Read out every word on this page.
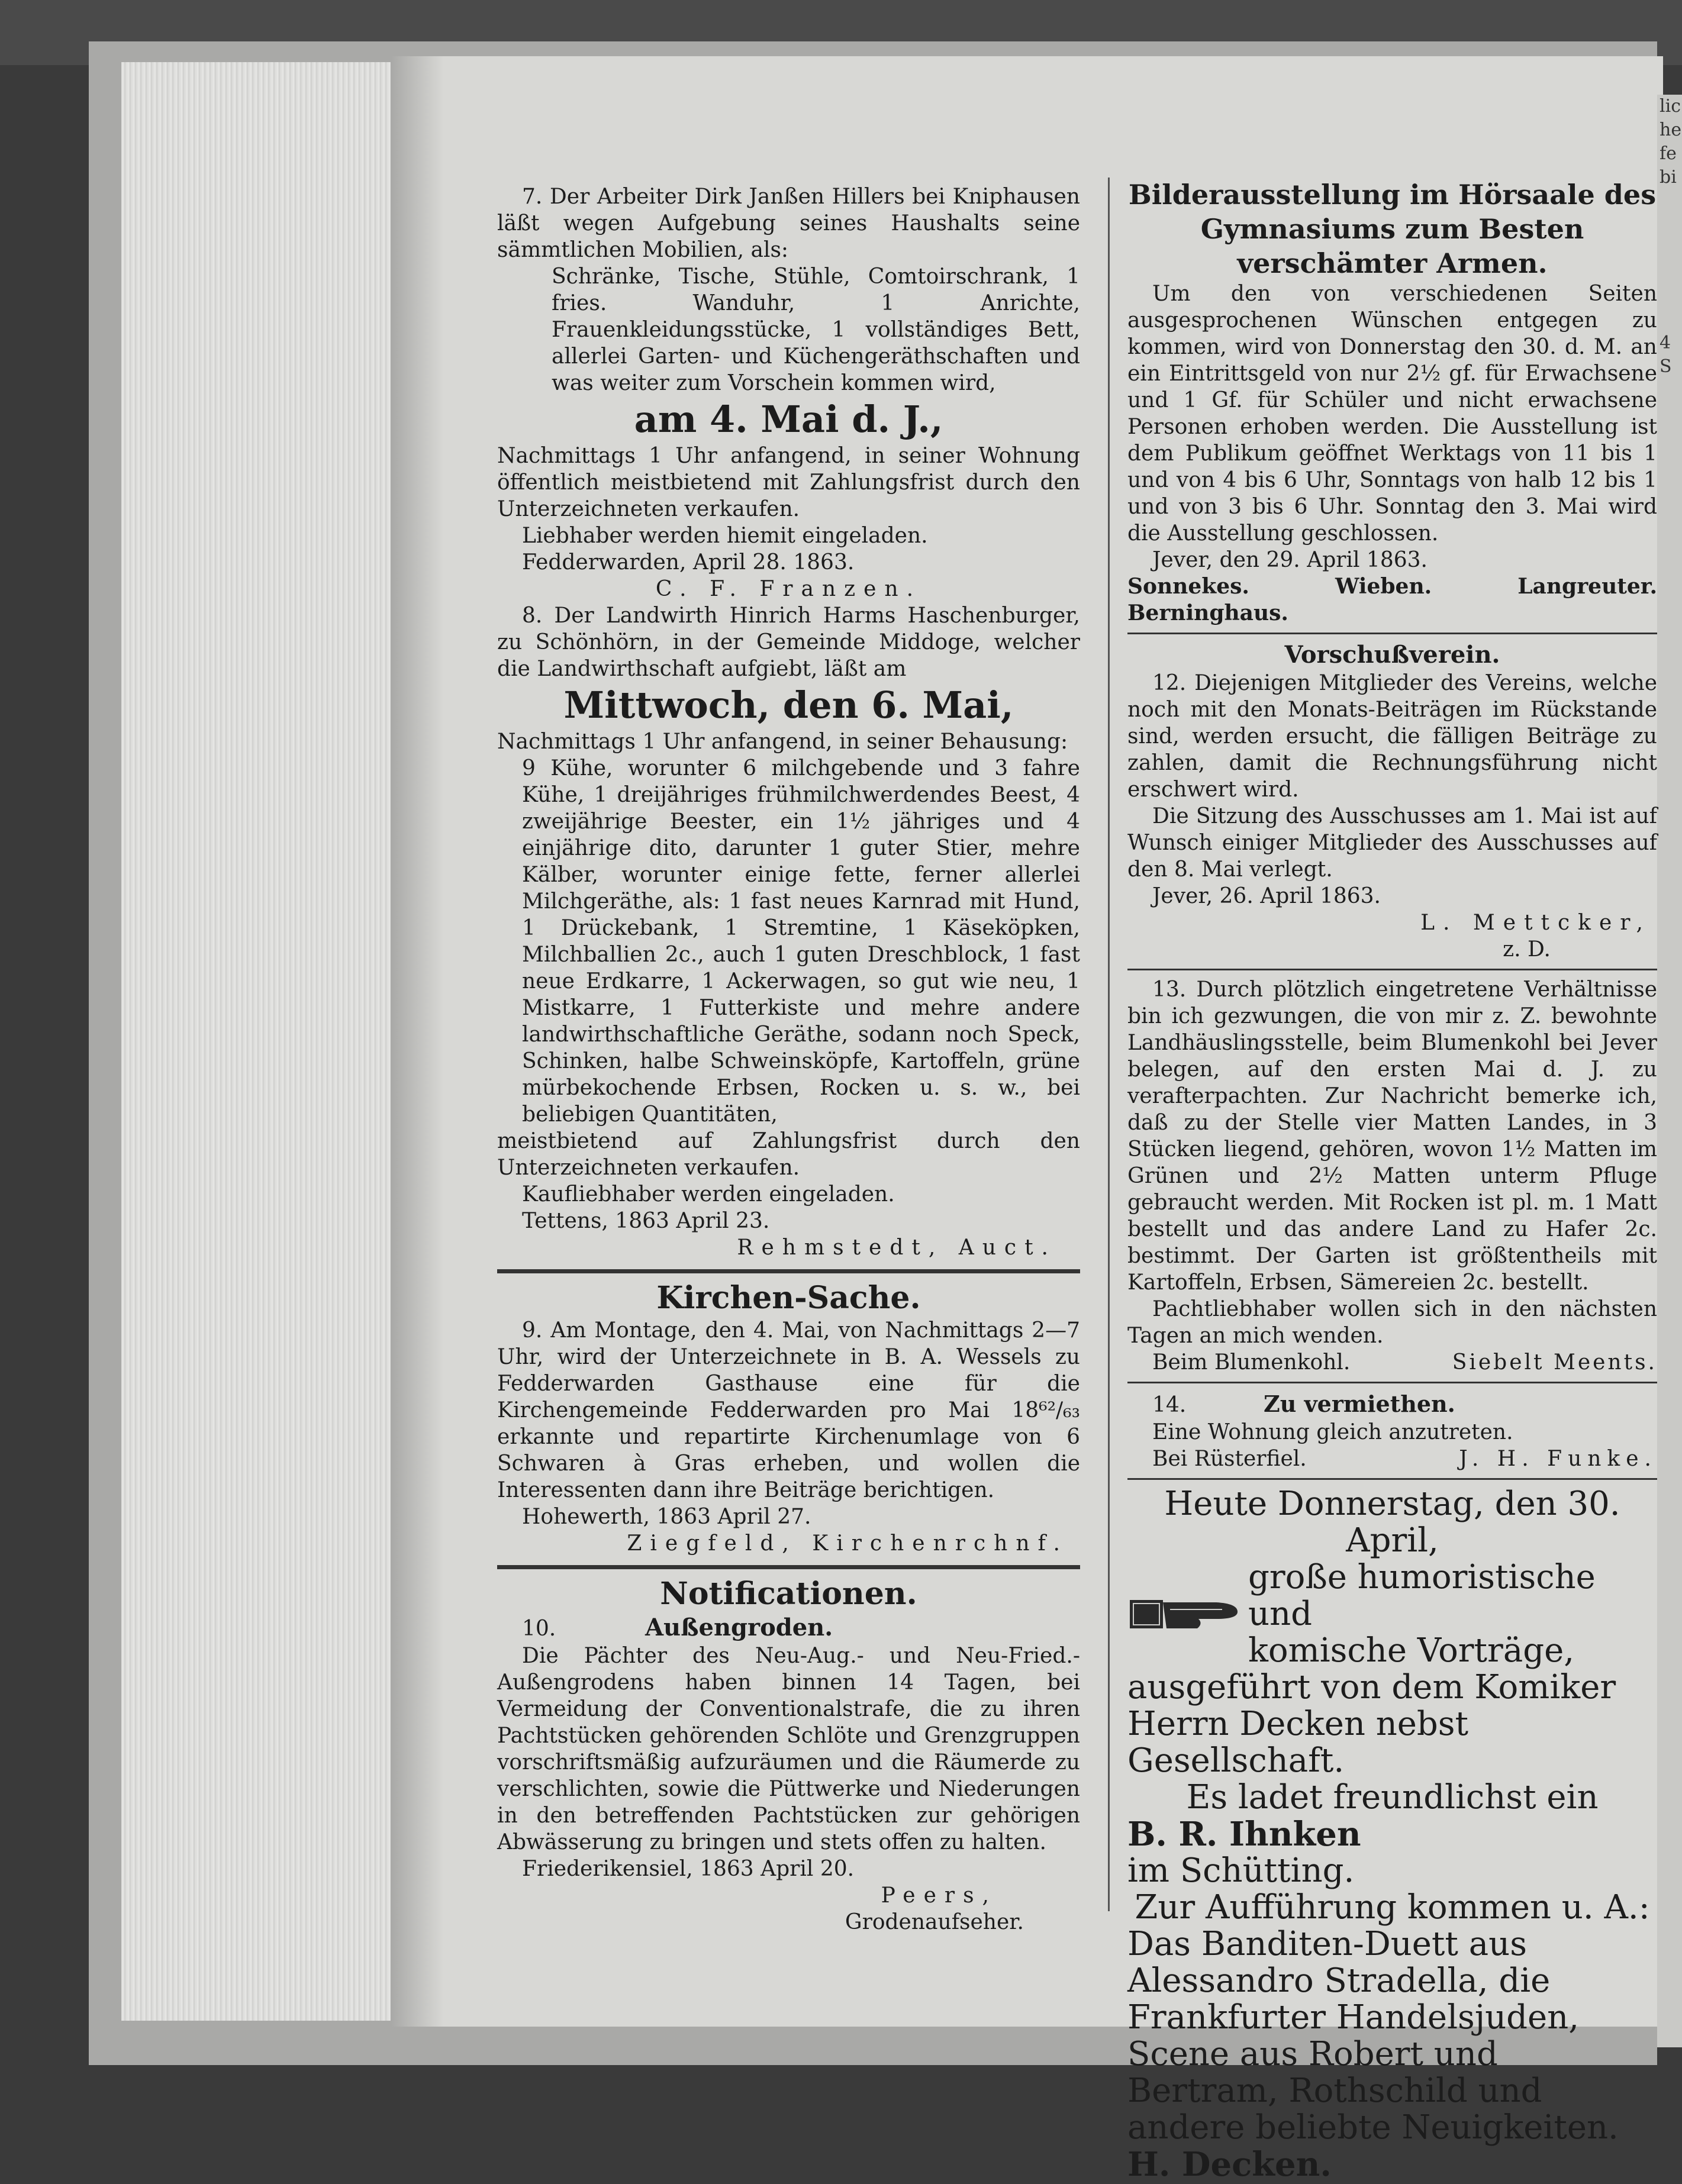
lic
he
fe
bi
4
S

7. Der Arbeiter Dirk Janßen Hillers bei Kniphausen läßt wegen Aufgebung seines Haushalts seine sämmtlichen Mobilien, als:

Schränke, Tische, Stühle, Comtoirschrank, 1 fries. Wanduhr, 1 Anrichte, Frauenkleidungsstücke, 1 vollständiges Bett, allerlei Garten- und Küchengeräthschaften und was weiter zum Vorschein kommen wird,

am 4. Mai d. J.,

Nachmittags 1 Uhr anfangend, in seiner Wohnung öffentlich meistbietend mit Zahlungsfrist durch den Unterzeichneten verkaufen.

Liebhaber werden hiemit eingeladen.

Fedderwarden, April 28. 1863.

C. F. Franzen.

8. Der Landwirth Hinrich Harms Haschenburger, zu Schönhörn, in der Gemeinde Middoge, welcher die Landwirthschaft aufgiebt, läßt am

Mittwoch, den 6. Mai,

Nachmittags 1 Uhr anfangend, in seiner Behausung:

9 Kühe, worunter 6 milchgebende und 3 fahre Kühe, 1 dreijähriges frühmilchwerdendes Beest, 4 zweijährige Beester, ein 1½ jähriges und 4 einjährige dito, darunter 1 guter Stier, mehre Kälber, worunter einige fette, ferner allerlei Milchgeräthe, als: 1 fast neues Karnrad mit Hund, 1 Drückebank, 1 Stremtine, 1 Käseköpken, Milchballien 2c., auch 1 guten Dreschblock, 1 fast neue Erdkarre, 1 Ackerwagen, so gut wie neu, 1 Mistkarre, 1 Futterkiste und mehre andere landwirthschaftliche Geräthe, sodann noch Speck, Schinken, halbe Schweinsköpfe, Kartoffeln, grüne mürbekochende Erbsen, Rocken u. s. w., bei beliebigen Quantitäten,

meistbietend auf Zahlungsfrist durch den Unterzeichneten verkaufen.

Kaufliebhaber werden eingeladen.

Tettens, 1863 April 23.

Rehmstedt, Auct.

Kirchen-Sache.

9. Am Montage, den 4. Mai, von Nachmittags 2—7 Uhr, wird der Unterzeichnete in B. A. Wessels zu Fedderwarden Gasthause eine für die Kirchengemeinde Fedderwarden pro Mai 18⁶²/₆₃ erkannte und repartirte Kirchenumlage von 6 Schwaren à Gras erheben, und wollen die Interessenten dann ihre Beiträge berichtigen.

Hohewerth, 1863 April 27.

Ziegfeld, Kirchenrchnf.

Notificationen.

10.	Außengroden.

Die Pächter des Neu-Aug.- und Neu-Fried.-Außengrodens haben binnen 14 Tagen, bei Vermeidung der Conventionalstrafe, die zu ihren Pachtstücken gehörenden Schlöte und Grenzgruppen vorschriftsmäßig aufzuräumen und die Räumerde zu verschlichten, sowie die Püttwerke und Niederungen in den betreffenden Pachtstücken zur gehörigen Abwässerung zu bringen und stets offen zu halten.

Friederikensiel, 1863 April 20.

Peers,

Grodenaufseher.

Bilderausstellung im Hörsaale des Gymnasiums zum Besten verschämter Armen.

Um den von verschiedenen Seiten ausgesprochenen Wünschen entgegen zu kommen, wird von Donnerstag den 30. d. M. an ein Eintrittsgeld von nur 2½ gf. für Erwachsene und 1 Gf. für Schüler und nicht erwachsene Personen erhoben werden. Die Ausstellung ist dem Publikum geöffnet Werktags von 11 bis 1 und von 4 bis 6 Uhr, Sonntags von halb 12 bis 1 und von 3 bis 6 Uhr. Sonntag den 3. Mai wird die Ausstellung geschlossen.

Jever, den 29. April 1863.

Sonnekes. Wieben. Langreuter. Berninghaus.

Vorschußverein.

12. Diejenigen Mitglieder des Vereins, welche noch mit den Monats-Beiträgen im Rückstande sind, werden ersucht, die fälligen Beiträge zu zahlen, damit die Rechnungsführung nicht erschwert wird.

Die Sitzung des Ausschusses am 1. Mai ist auf Wunsch einiger Mitglieder des Ausschusses auf den 8. Mai verlegt.

Jever, 26. April 1863.

L. Mettcker,

z. D.

13. Durch plötzlich eingetretene Verhältnisse bin ich gezwungen, die von mir z. Z. bewohnte Landhäuslingsstelle, beim Blumenkohl bei Jever belegen, auf den ersten Mai d. J. zu verafterpachten. Zur Nachricht bemerke ich, daß zu der Stelle vier Matten Landes, in 3 Stücken liegend, gehören, wovon 1½ Matten im Grünen und 2½ Matten unterm Pfluge gebraucht werden. Mit Rocken ist pl. m. 1 Matt bestellt und das andere Land zu Hafer 2c. bestimmt. Der Garten ist größtentheils mit Kartoffeln, Erbsen, Sämereien 2c. bestellt.

Pachtliebhaber wollen sich in den nächsten Tagen an mich wenden.

Beim Blumenkohl.	Siebelt Meents.

14.	Zu vermiethen.

Eine Wohnung gleich anzutreten.

Bei Rüsterfiel.	J. H. Funke.

Heute Donnerstag, den 30. April,

große humoristische und

komische Vorträge,

ausgeführt von dem Komiker Herrn Decken nebst Gesellschaft.

Es ladet freundlichst ein

B. R. Ihnken

im Schütting.

Zur Aufführung kommen u. A.:

Das Banditen-Duett aus Alessandro Stradella, die Frankfurter Handelsjuden, Scene aus Robert und Bertram, Rothschild und andere beliebte Neuigkeiten.

H. Decken.
